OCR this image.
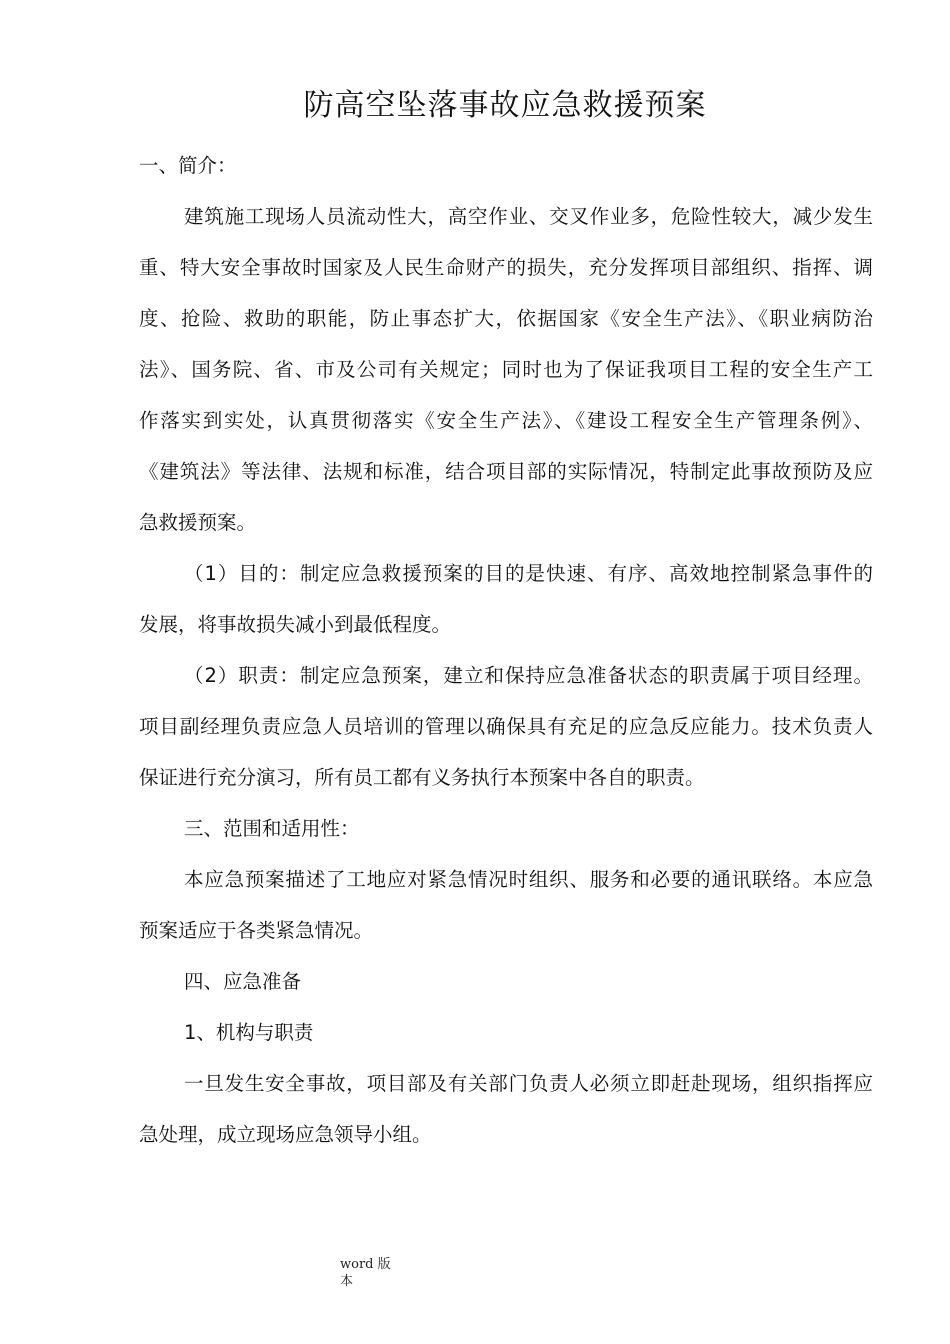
防高空坠落事故应急救援预案

一、简介：

建筑施工现场人员流动性大，高空作业、交叉作业多，危险性较大，减少发生
重、特大安全事故时国家及人民生命财产的损失，充分发挥项目部组织、指挥、调
度、抢险、救助的职能，防止事态扩大，依据国家《安全生产法》、《职业病防治
法》、国务院、省、市及公司有关规定；同时也为了保证我项目工程的安全生产工
作落实到实处，认真贯彻落实《安全生产法》、《建设工程安全生产管理条例》、
《建筑法》等法律、法规和标准，结合项目部的实际情况，特制定此事故预防及应
急救援预案。

（1）目的：制定应急救援预案的目的是快速、有序、高效地控制紧急事件的
发展，将事故损失减小到最低程度。

（2）职责：制定应急预案，建立和保持应急准备状态的职责属于项目经理。
项目副经理负责应急人员培训的管理以确保具有充足的应急反应能力。技术负责人
保证进行充分演习，所有员工都有义务执行本预案中各自的职责。

三、范围和适用性：

本应急预案描述了工地应对紧急情况时组织、服务和必要的通讯联络。本应急
预案适应于各类紧急情况。

四、应急准备

1、机构与职责

一旦发生安全事故，项目部及有关部门负责人必须立即赶赴现场，组织指挥应
急处理，成立现场应急领导小组。

word 版
本
